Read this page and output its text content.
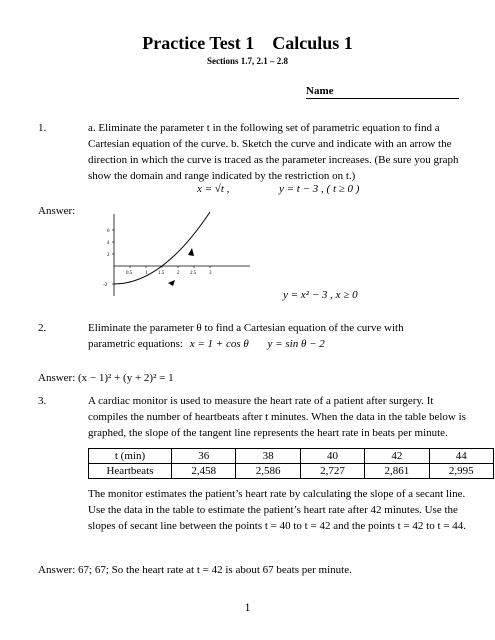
Practice Test 1    Calculus 1
Sections 1.7, 2.1 – 2.8
Name
1.	a. Eliminate the parameter t in the following set of parametric equation to find a Cartesian equation of the curve. b. Sketch the curve and indicate with an arrow the direction in which the curve is traced as the parameter increases. (Be sure you graph show the domain and range indicated by the restriction on t.)
x = √t ,	y = t − 3 , ( t ≥ 0 )
Answer:
-2
2
4
6
0.5	1 1.5	2 2.5	3
y = x² − 3 , x ≥ 0
2.	Eliminate the parameter θ to find a Cartesian equation of the curve with
parametric equations: x = 1 + cos θ y = sin θ − 2
Answer: (x − 1)² + (y + 2)² = 1
3.	A cardiac monitor is used to measure the heart rate of a patient after surgery. It compiles the number of heartbeats after t minutes. When the data in the table below is graphed, the slope of the tangent line represents the heart rate in beats per minute.
t (min)	36	38	40	42	44
Heartbeats	2,458	2,586	2,727	2,861	2,995
The monitor estimates the patient’s heart rate by calculating the slope of a secant line. Use the data in the table to estimate the patient’s heart rate after 42 minutes. Use the slopes of secant line between the points t = 40 to t = 42 and the points t = 42 to t = 44.
Answer: 67; 67; So the heart rate at t = 42 is about 67 beats per minute.
1
